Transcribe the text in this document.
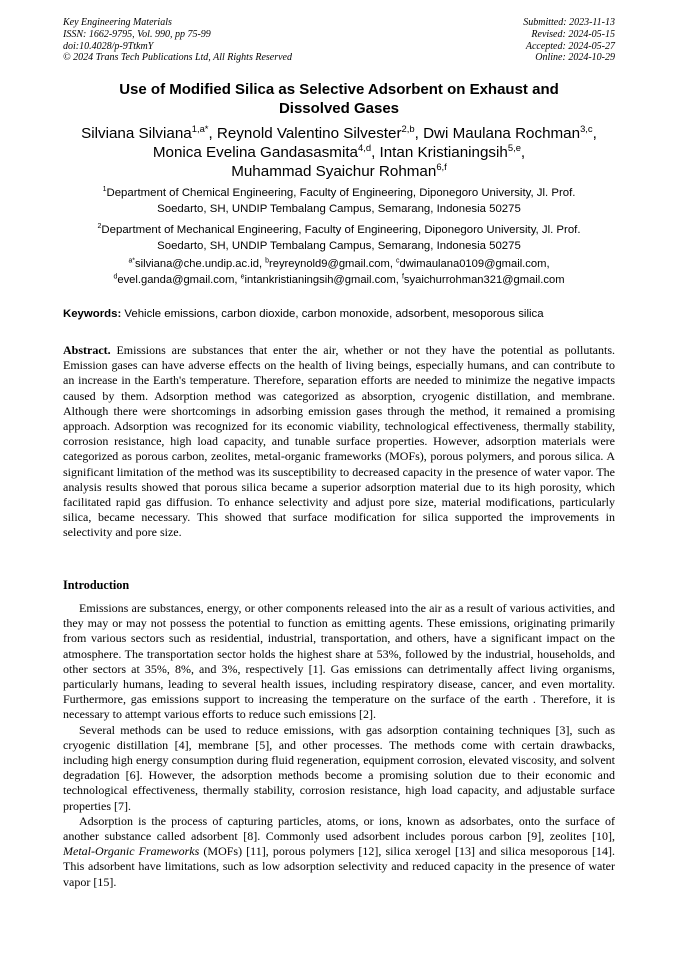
Key Engineering Materials
ISSN: 1662-9795, Vol. 990, pp 75-99
doi:10.4028/p-9TtkmY
© 2024 Trans Tech Publications Ltd, All Rights Reserved
Submitted: 2023-11-13
Revised: 2024-05-15
Accepted: 2024-05-27
Online: 2024-10-29
Use of Modified Silica as Selective Adsorbent on Exhaust and
Dissolved Gases
Silviana Silviana$^{1,a*}$, Reynold Valentino Silvester$^{2,b}$, Dwi Maulana Rochman$^{3,c}$,
Monica Evelina Gandasasmita$^{4,d}$, Intan Kristianingsih$^{5,e}$,
Muhammad Syaichur Rohman$^{6,f}$
$^1$Department of Chemical Engineering, Faculty of Engineering, Diponegoro University, Jl. Prof.
Soedarto, SH, UNDIP Tembalang Campus, Semarang, Indonesia 50275
$^2$Department of Mechanical Engineering, Faculty of Engineering, Diponegoro University, Jl. Prof.
Soedarto, SH, UNDIP Tembalang Campus, Semarang, Indonesia 50275
$^{a*}$silviana@che.undip.ac.id, $^b$reyreynold9@gmail.com, $^c$dwimaulana0109@gmail.com,
$^d$evel.ganda@gmail.com, $^e$intankristianingsih@gmail.com, $^f$syaichurrohman321@gmail.com
Keywords: Vehicle emissions, carbon dioxide, carbon monoxide, adsorbent, mesoporous silica

Abstract. Emissions are substances that enter the air, whether or not they have the potential as pollutants. Emission gases can have adverse effects on the health of living beings, especially humans, and can contribute to an increase in the Earth's temperature. Therefore, separation efforts are needed to minimize the negative impacts caused by them. Adsorption method was categorized as absorption, cryogenic distillation, and membrane. Although there were shortcomings in adsorbing emission gases through the method, it remained a promising approach. Adsorption was recognized for its economic viability, technological effectiveness, thermally stability, corrosion resistance, high load capacity, and tunable surface properties. However, adsorption materials were categorized as porous carbon, zeolites, metal-organic frameworks (MOFs), porous polymers, and porous silica. A significant limitation of the method was its susceptibility to decreased capacity in the presence of water vapor. The analysis results showed that porous silica became a superior adsorption material due to its high porosity, which facilitated rapid gas diffusion. To enhance selectivity and adjust pore size, material modifications, particularly silica, became necessary. This showed that surface modification for silica supported the improvements in selectivity and pore size.

Introduction

Emissions are substances, energy, or other components released into the air as a result of various activities, and they may or may not possess the potential to function as emitting agents. These emissions, originating primarily from various sectors such as residential, industrial, transportation, and others, have a significant impact on the atmosphere. The transportation sector holds the highest share at 53%, followed by the industrial, households, and other sectors at 35%, 8%, and 3%, respectively [1]. Gas emissions can detrimentally affect living organisms, particularly humans, leading to several health issues, including respiratory disease, cancer, and even mortality. Furthermore, gas emissions support to increasing the temperature on the surface of the earth . Therefore, it is necessary to attempt various efforts to reduce such emissions [2].

Several methods can be used to reduce emissions, with gas adsorption containing techniques [3], such as cryogenic distillation [4], membrane [5], and other processes. The methods come with certain drawbacks, including high energy consumption during fluid regeneration, equipment corrosion, elevated viscosity, and solvent degradation [6]. However, the adsorption methods become a promising solution due to their economic and technological effectiveness, thermally stability, corrosion resistance, high load capacity, and adjustable surface properties [7].

Adsorption is the process of capturing particles, atoms, or ions, known as adsorbates, onto the surface of another substance called adsorbent [8]. Commonly used adsorbent includes porous carbon [9], zeolites [10], Metal-Organic Frameworks (MOFs) [11], porous polymers [12], silica xerogel [13] and silica mesoporous [14]. This adsorbent have limitations, such as low adsorption selectivity and reduced capacity in the presence of water vapor [15].
